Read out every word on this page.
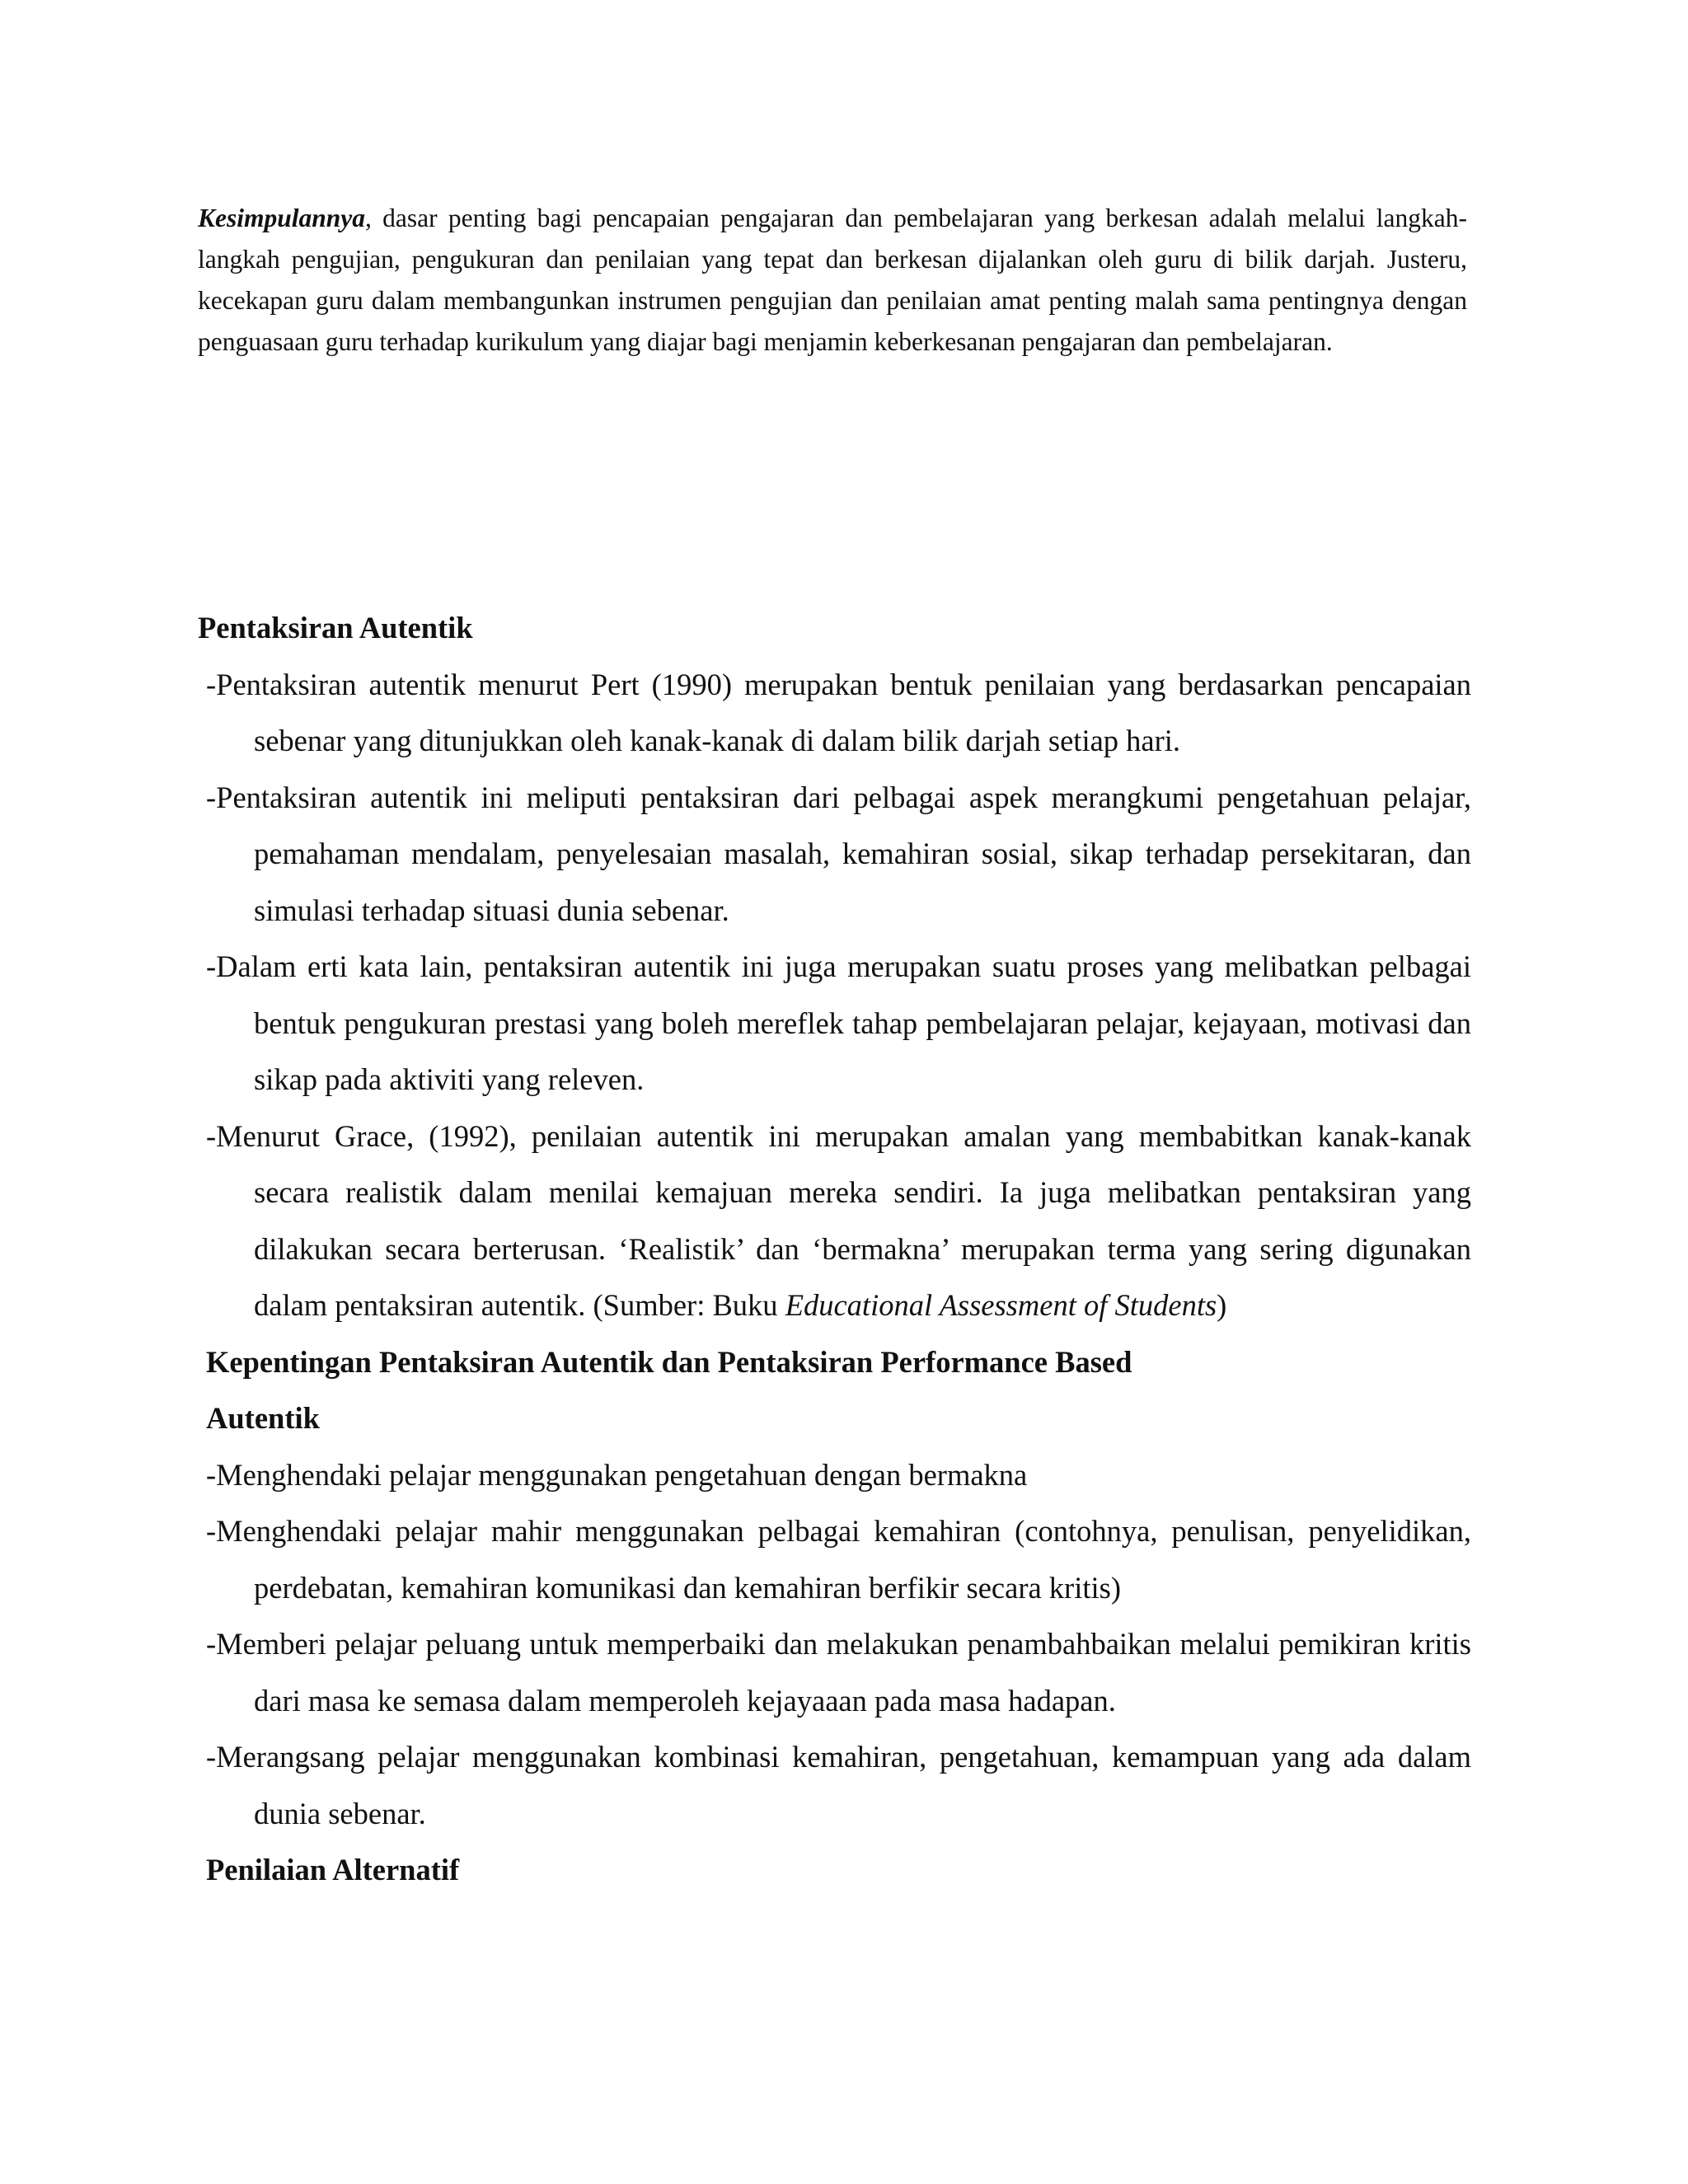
Kesimpulannya, dasar penting bagi pencapaian pengajaran dan pembelajaran yang berkesan adalah melalui langkah-langkah pengujian, pengukuran dan penilaian yang tepat dan berkesan dijalankan oleh guru di bilik darjah. Justeru, kecekapan guru dalam membangunkan instrumen pengujian dan penilaian amat penting malah sama pentingnya dengan penguasaan guru terhadap kurikulum yang diajar bagi menjamin keberkesanan pengajaran dan pembelajaran.

Pentaksiran Autentik

-Pentaksiran autentik menurut Pert (1990) merupakan bentuk penilaian yang berdasarkan pencapaian sebenar yang ditunjukkan oleh kanak-kanak di dalam bilik darjah setiap hari.

-Pentaksiran autentik ini meliputi pentaksiran dari pelbagai aspek merangkumi pengetahuan pelajar, pemahaman mendalam, penyelesaian masalah, kemahiran sosial, sikap terhadap persekitaran, dan simulasi terhadap situasi dunia sebenar.

-Dalam erti kata lain, pentaksiran autentik ini juga merupakan suatu proses yang melibatkan pelbagai bentuk pengukuran prestasi yang boleh mereflek tahap pembelajaran pelajar, kejayaan, motivasi dan sikap pada aktiviti yang releven.

-Menurut Grace, (1992), penilaian autentik ini merupakan amalan yang membabitkan kanak-kanak secara realistik dalam menilai kemajuan mereka sendiri. Ia juga melibatkan pentaksiran yang dilakukan secara berterusan. ‘Realistik’ dan ‘bermakna’ merupakan terma yang sering digunakan dalam pentaksiran autentik. (Sumber: Buku Educational Assessment of Students)

Kepentingan Pentaksiran Autentik dan Pentaksiran Performance Based

Autentik

-Menghendaki pelajar menggunakan pengetahuan dengan bermakna

-Menghendaki pelajar mahir menggunakan pelbagai kemahiran (contohnya, penulisan, penyelidikan, perdebatan, kemahiran komunikasi dan kemahiran berfikir secara kritis)

-Memberi pelajar peluang untuk memperbaiki dan melakukan penambahbaikan melalui pemikiran kritis dari masa ke semasa dalam memperoleh kejayaaan pada masa hadapan.

-Merangsang pelajar menggunakan kombinasi kemahiran, pengetahuan, kemampuan yang ada dalam dunia sebenar.

Penilaian Alternatif
